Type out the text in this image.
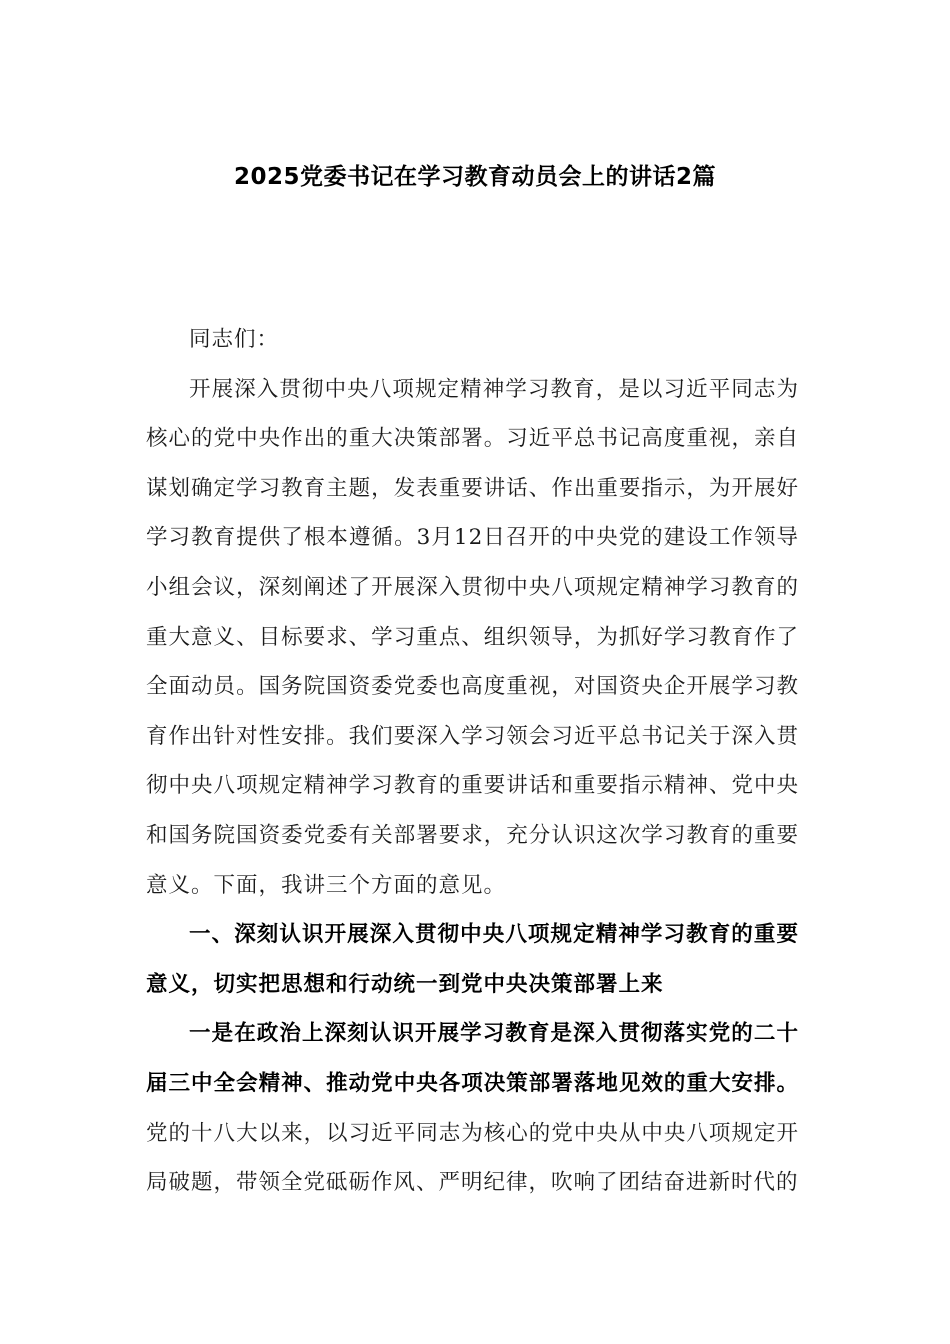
2025党委书记在学习教育动员会上的讲话2篇

同志们：

开展深入贯彻中央八项规定精神学习教育，是以习近平同志为核心的党中央作出的重大决策部署。习近平总书记高度重视，亲自谋划确定学习教育主题，发表重要讲话、作出重要指示，为开展好学习教育提供了根本遵循。3月12日召开的中央党的建设工作领导小组会议，深刻阐述了开展深入贯彻中央八项规定精神学习教育的重大意义、目标要求、学习重点、组织领导，为抓好学习教育作了全面动员。国务院国资委党委也高度重视，对国资央企开展学习教育作出针对性安排。我们要深入学习领会习近平总书记关于深入贯彻中央八项规定精神学习教育的重要讲话和重要指示精神、党中央和国务院国资委党委有关部署要求，充分认识这次学习教育的重要意义。下面，我讲三个方面的意见。

一、深刻认识开展深入贯彻中央八项规定精神学习教育的重要意义，切实把思想和行动统一到党中央决策部署上来

一是在政治上深刻认识开展学习教育是深入贯彻落实党的二十届三中全会精神、推动党中央各项决策部署落地见效的重大安排。党的十八大以来，以习近平同志为核心的党中央从中央八项规定开局破题，带领全党砥砺作风、严明纪律，吹响了团结奋进新时代的
